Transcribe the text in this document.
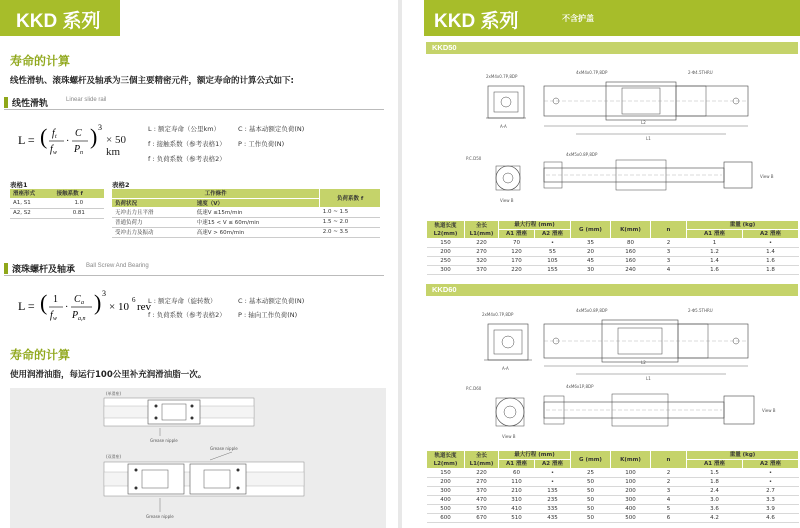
KKD 系列
寿命的计算
线性滑轨、滚珠螺杆及轴承为三個主要精密元件，额定寿命的计算公式如下:
线性滑轨	Linear slide rail
L = ( f t
f w
·
C
P n
) 3
× 50 km
L : 额定寿命（公里km）	C : 基本动额定负荷(N)
f : 接触系数（参考表格1） P : 工作负荷(N)
f : 负荷系数（参考表格2）
表格1
滑座形式	接触系数 f
A1, S1	1.0
A2, S2	0.81
表格2
工作條件		负荷系数 f
负荷状况	速度（V）	
无冲击力且平滑	低速V ≤15m/min	1.0 ~ 1.5
普通负荷力	中速15 < V ≤ 60m/min	1.5 ~ 2.0
受冲击力及振动	高速V > 60m/min	2.0 ~ 3.5
滚珠螺杆及轴承 Ball Screw And Bearing
L = ( 1
f w
·
C a
P a,n
) 3
× 10
6
rev
L : 额定寿命（旋转数）	C : 基本动额定负荷(N)
f : 负荷系数（参考表格2） P : 轴向工作负荷(N)
寿命的计算
使用润滑油脂，每运行100公里补充润滑油脂一次。
(单滑座)
Grease nipple
(双滑座)
Grease nipple
Grease nipple
KKD 系列	不含护盖
KKD50
A-A
2xM4x0.7P,8DP
L2
L1
4xM4x0.7P,8DP	2-Φ4.5THRU
P.C.D50
View B
4xM5x0.8P,8DP
View B
轨道长度 L2(mm)	全长 L1(mm)	最大行程 (mm)		G (mm)	K(mm)	n	重量 (kg)	
		A1 滑座	A2 滑座				A1 滑座	A2 滑座
150	220	70	•	35	80	2	1	•
200	270	120	55	20	160	3	1.2	1.4
250	320	170	105	45	160	3	1.4	1.6
300	370	220	155	30	240	4	1.6	1.8
KKD60
A-A
2xM4x0.7P,8DP
L2
L1
4xM5x0.8P,8DP	2-Φ5.5THRU
P.C.D60
View B
4xM6x1P,8DP
View B
轨道长度 L2(mm)	全长 L1(mm)	最大行程 (mm)		G (mm)	K(mm)	n	重量 (kg)	
		A1 滑座	A2 滑座				A1 滑座	A2 滑座
150	220	60	•	25	100	2	1.5	•
200	270	110	•	50	100	2	1.8	•
300	370	210	135	50	200	3	2.4	2.7
400	470	310	235	50	300	4	3.0	3.3
500	570	410	335	50	400	5	3.6	3.9
600	670	510	435	50	500	6	4.2	4.6
